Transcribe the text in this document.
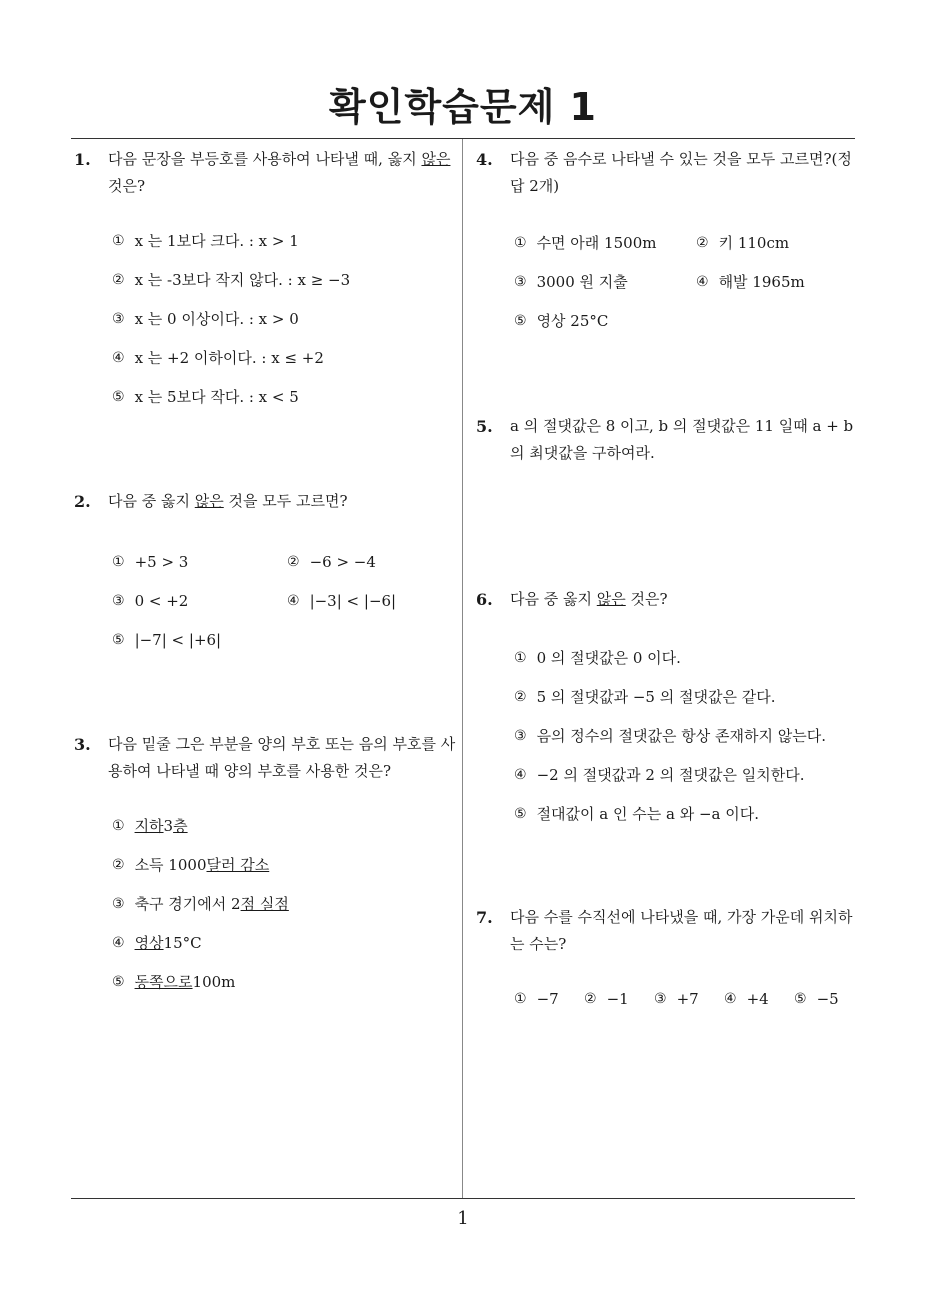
확인학습문제 1
1
1. 다음 문장을 부등호를 사용하여 나타낼 때, 옳지 않은 것은?
① x 는 1보다 크다. : x > 1
② x 는 -3보다 작지 않다. : x ≥ −3
③ x 는 0 이상이다. : x > 0
④ x 는 +2 이하이다. : x ≤ +2
⑤ x 는 5보다 작다. : x < 5
2. 다음 중 옳지 않은 것을 모두 고르면?
① +5 > 3	② −6 > −4
③ 0 < +2	④ |−3| < |−6|
⑤ |−7| < |+6|
3. 다음 밑줄 그은 부분을 양의 부호 또는 음의 부호를 사용하여 나타낼 때 양의 부호를 사용한 것은?
① 지하 3 층
② 소득 1000 달러 감소
③ 축구 경기에서 2 점 실점
④ 영상 15°C
⑤ 동쪽으로 100m
4. 다음 중 음수로 나타낼 수 있는 것을 모두 고르면?(정답 2개)
① 수면 아래 1500m	② 키 110cm
③ 3000 원 지출	④ 해발 1965m
⑤ 영상 25°C
5. a 의 절댓값은 8 이고, b 의 절댓값은 11 일때 a + b 의 최댓값을 구하여라.
6. 다음 중 옳지 않은 것은?
① 0 의 절댓값은 0 이다.
② 5 의 절댓값과 −5 의 절댓값은 같다.
③ 음의 정수의 절댓값은 항상 존재하지 않는다.
④ −2 의 절댓값과 2 의 절댓값은 일치한다.
⑤ 절대값이 a 인 수는 a 와 −a 이다.
7. 다음 수를 수직선에 나타냈을 때, 가장 가운데 위치하는 수는?
① −7 ② −1 ③ +7 ④ +4 ⑤ −5
